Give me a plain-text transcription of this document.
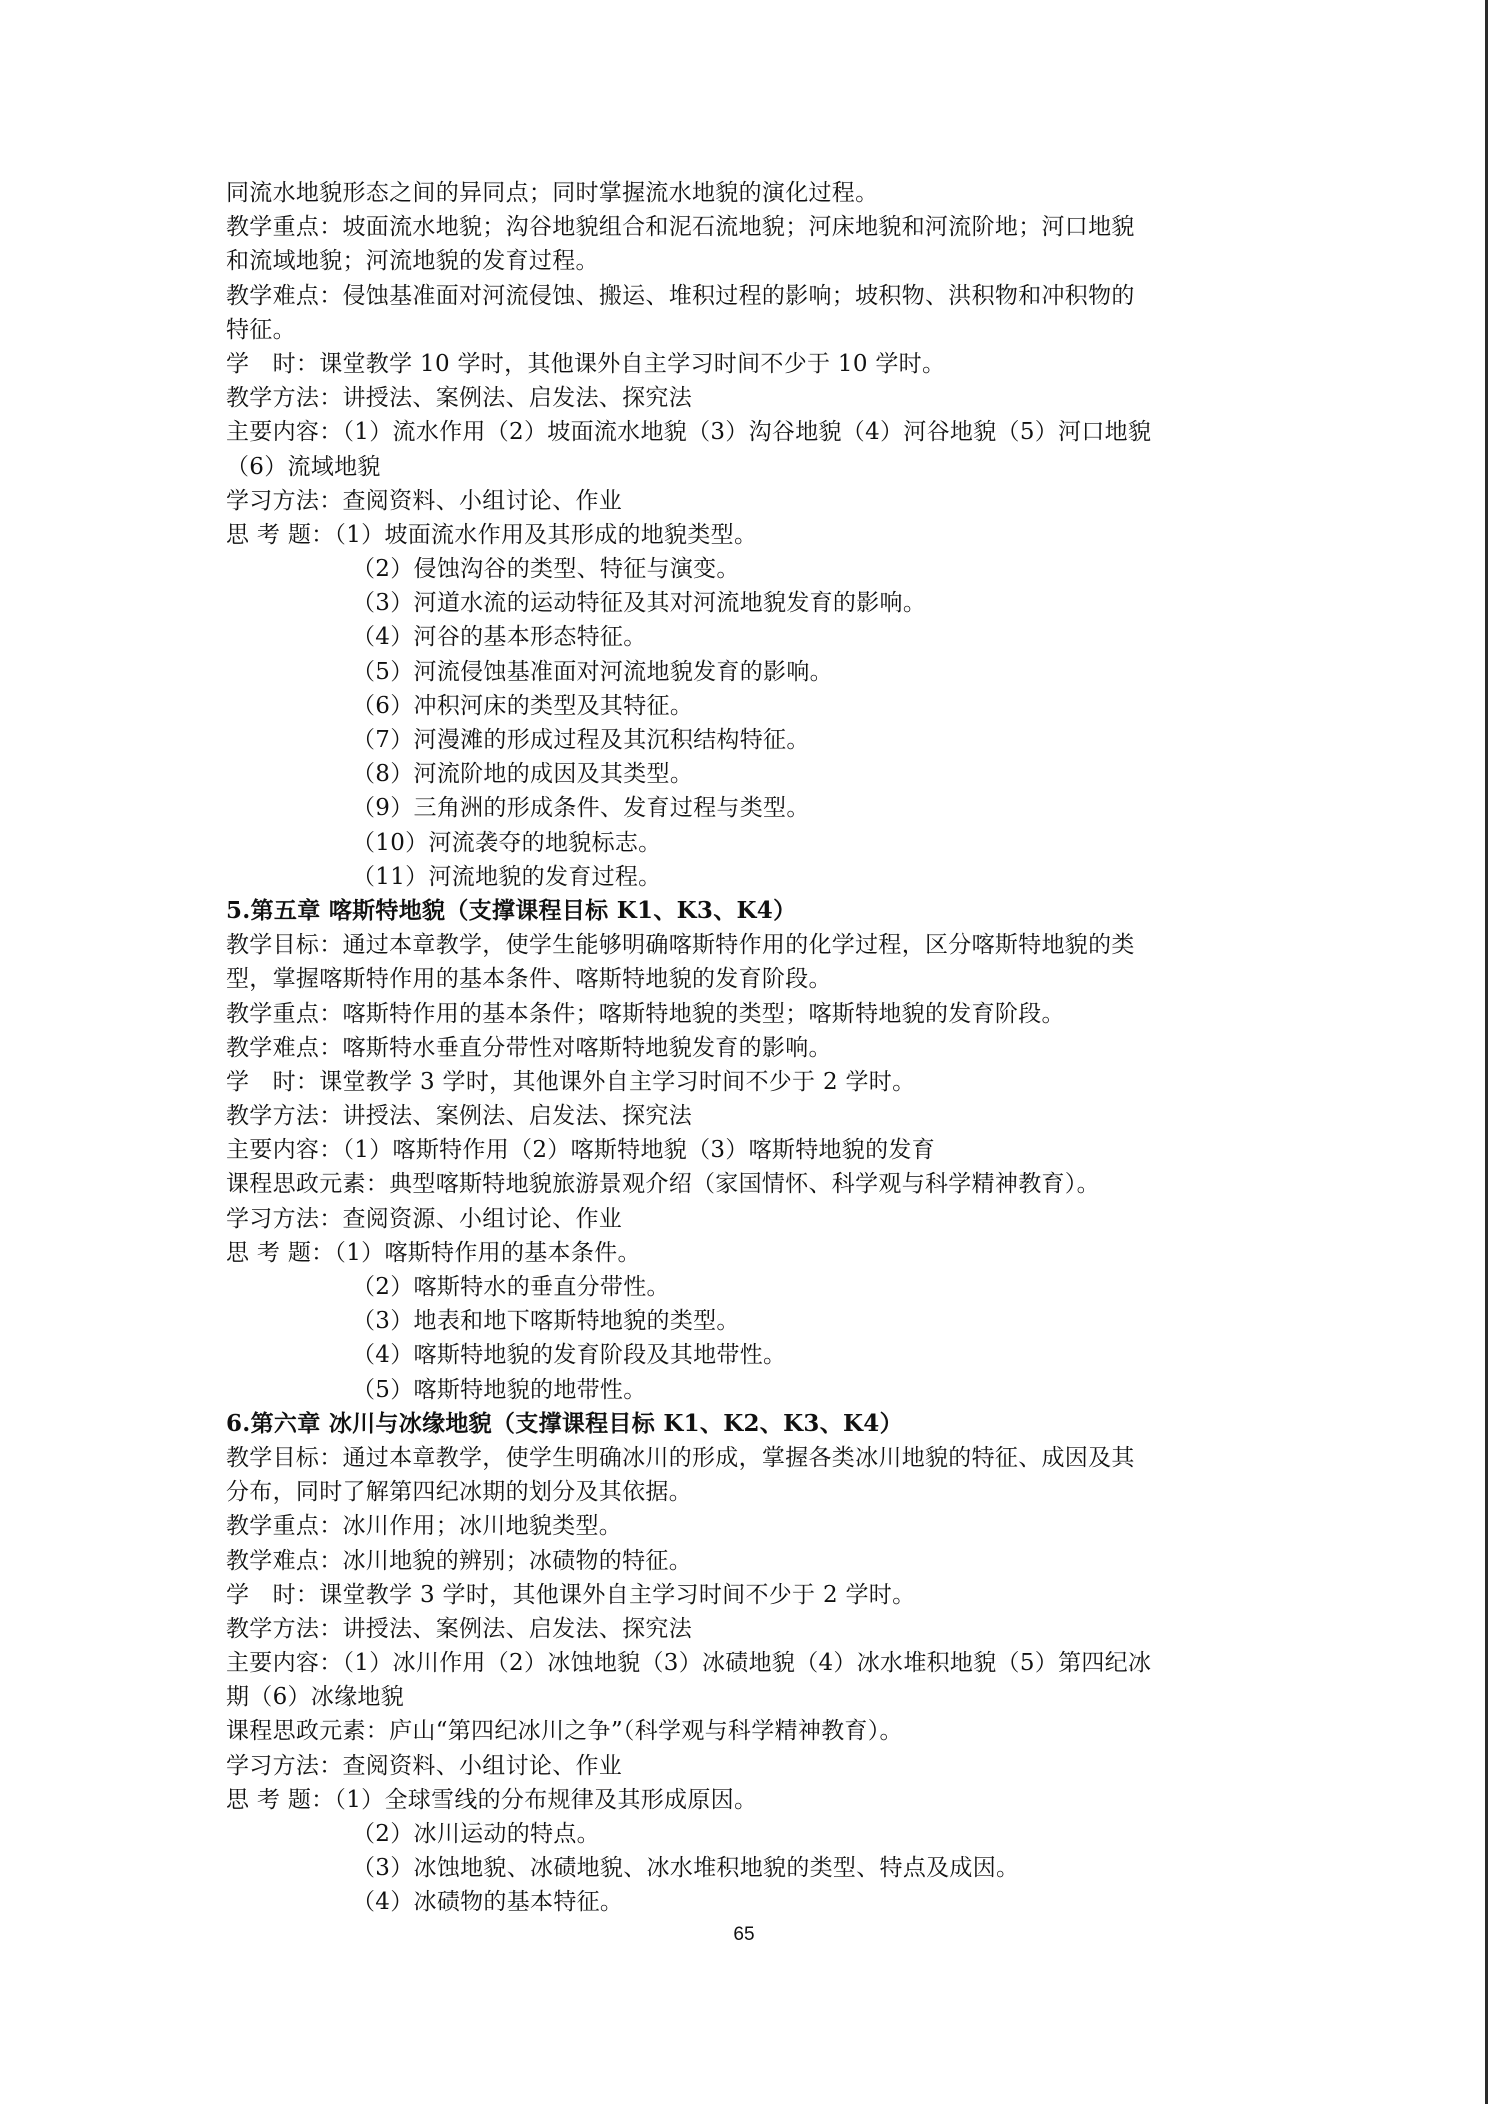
同流水地貌形态之间的异同点；同时掌握流水地貌的演化过程。
教学重点：坡面流水地貌；沟谷地貌组合和泥石流地貌；河床地貌和河流阶地；河口地貌
和流域地貌；河流地貌的发育过程。
教学难点：侵蚀基准面对河流侵蚀、搬运、堆积过程的影响；坡积物、洪积物和冲积物的
特征。
学　时：课堂教学 10 学时，其他课外自主学习时间不少于 10 学时。
教学方法：讲授法、案例法、启发法、探究法
主要内容：（1）流水作用（2）坡面流水地貌（3）沟谷地貌（4）河谷地貌（5）河口地貌
（6）流域地貌
学习方法：查阅资料、小组讨论、作业
思 考 题：（1）坡面流水作用及其形成的地貌类型。
（2）侵蚀沟谷的类型、特征与演变。
（3）河道水流的运动特征及其对河流地貌发育的影响。
（4）河谷的基本形态特征。
（5）河流侵蚀基准面对河流地貌发育的影响。
（6）冲积河床的类型及其特征。
（7）河漫滩的形成过程及其沉积结构特征。
（8）河流阶地的成因及其类型。
（9）三角洲的形成条件、发育过程与类型。
（10）河流袭夺的地貌标志。
（11）河流地貌的发育过程。
5.第五章 喀斯特地貌（支撑课程目标 K1、K3、K4）
教学目标：通过本章教学，使学生能够明确喀斯特作用的化学过程，区分喀斯特地貌的类
型，掌握喀斯特作用的基本条件、喀斯特地貌的发育阶段。
教学重点：喀斯特作用的基本条件；喀斯特地貌的类型；喀斯特地貌的发育阶段。
教学难点：喀斯特水垂直分带性对喀斯特地貌发育的影响。
学　时：课堂教学 3 学时，其他课外自主学习时间不少于 2 学时。
教学方法：讲授法、案例法、启发法、探究法
主要内容：（1）喀斯特作用（2）喀斯特地貌（3）喀斯特地貌的发育
课程思政元素：典型喀斯特地貌旅游景观介绍（家国情怀、科学观与科学精神教育）。
学习方法：查阅资源、小组讨论、作业
思 考 题：（1）喀斯特作用的基本条件。
（2）喀斯特水的垂直分带性。
（3）地表和地下喀斯特地貌的类型。
（4）喀斯特地貌的发育阶段及其地带性。
（5）喀斯特地貌的地带性。
6.第六章 冰川与冰缘地貌（支撑课程目标 K1、K2、K3、K4）
教学目标：通过本章教学，使学生明确冰川的形成，掌握各类冰川地貌的特征、成因及其
分布，同时了解第四纪冰期的划分及其依据。
教学重点：冰川作用；冰川地貌类型。
教学难点：冰川地貌的辨别；冰碛物的特征。
学　时：课堂教学 3 学时，其他课外自主学习时间不少于 2 学时。
教学方法：讲授法、案例法、启发法、探究法
主要内容：（1）冰川作用（2）冰蚀地貌（3）冰碛地貌（4）冰水堆积地貌（5）第四纪冰
期（6）冰缘地貌
课程思政元素：庐山“第四纪冰川之争”（科学观与科学精神教育）。
学习方法：查阅资料、小组讨论、作业
思 考 题：（1）全球雪线的分布规律及其形成原因。
（2）冰川运动的特点。
（3）冰蚀地貌、冰碛地貌、冰水堆积地貌的类型、特点及成因。
（4）冰碛物的基本特征。
65
